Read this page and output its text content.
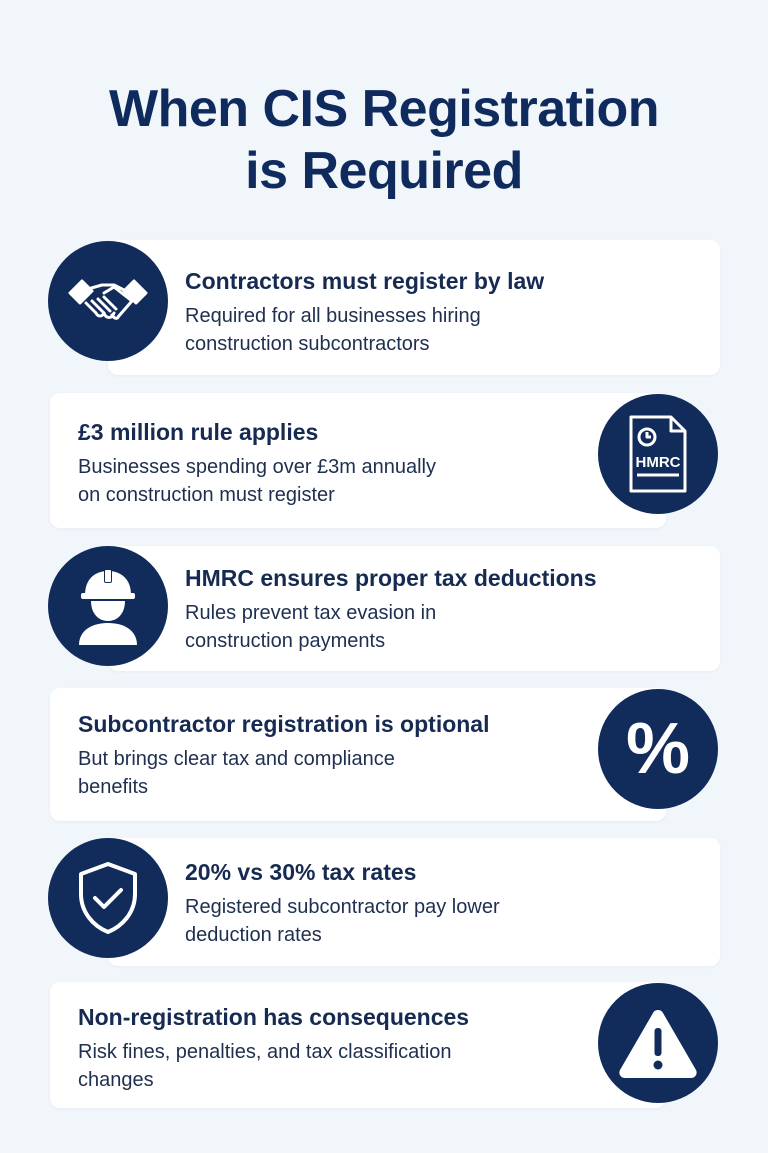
When CIS Registration
is Required
Contractors must register by law
Required for all businesses hiring
construction subcontractors
HMRC
£3 million rule applies
Businesses spending over £3m annually
on construction must register
HMRC ensures proper tax deductions
Rules prevent tax evasion in
construction payments
%
Subcontractor registration is optional
But brings clear tax and compliance
benefits
20% vs 30% tax rates
Registered subcontractor pay lower
deduction rates
Non-registration has consequences
Risk fines, penalties, and tax classification
changes
